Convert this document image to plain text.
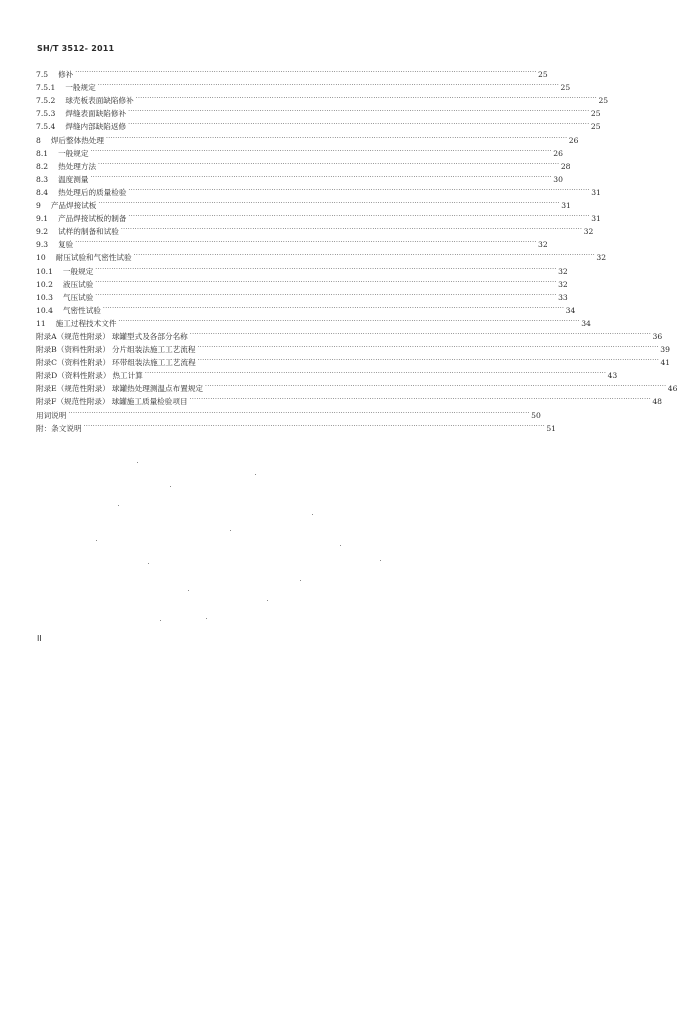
SH/T 3512- 2011
7.5 修补 ········································································································································································································ 25
7.5.1 一般规定 ········································································································································································································ 25
7.5.2 球壳板表面缺陷修补 ········································································································································································································ 25
7.5.3 焊缝表面缺陷修补 ········································································································································································································ 25
7.5.4 焊缝内部缺陷返修 ········································································································································································································ 25
8 焊后整体热处理 ········································································································································································································ 26
8.1 一般规定 ········································································································································································································ 26
8.2 热处理方法 ········································································································································································································ 28
8.3 温度测量 ········································································································································································································ 30
8.4 热处理后的质量检验 ········································································································································································································ 31
9 产品焊接试板 ········································································································································································································ 31
9.1 产品焊接试板的制备 ········································································································································································································ 31
9.2 试样的制备和试验 ········································································································································································································ 32
9.3 复验 ········································································································································································································ 32
10 耐压试验和气密性试验 ········································································································································································································ 32
10.1 一般规定 ········································································································································································································ 32
10.2 液压试验 ········································································································································································································ 32
10.3 气压试验 ········································································································································································································ 33
10.4 气密性试验 ········································································································································································································ 34
11 施工过程技术文件 ········································································································································································································ 34
附录A（规范性附录） 球罐型式及各部分名称 ········································································································································································································ 36
附录B（资料性附录） 分片组装法施工工艺流程 ········································································································································································································ 39
附录C（资料性附录） 环带组装法施工工艺流程 ········································································································································································································ 41
附录D（资料性附录） 热工计算 ········································································································································································································ 43
附录E（规范性附录） 球罐热处理测温点布置规定 ········································································································································································································ 46
附录F（规范性附录） 球罐施工质量检验项目 ········································································································································································································ 48
用词说明 ········································································································································································································ 50
附：条文说明 ········································································································································································································ 51
II
